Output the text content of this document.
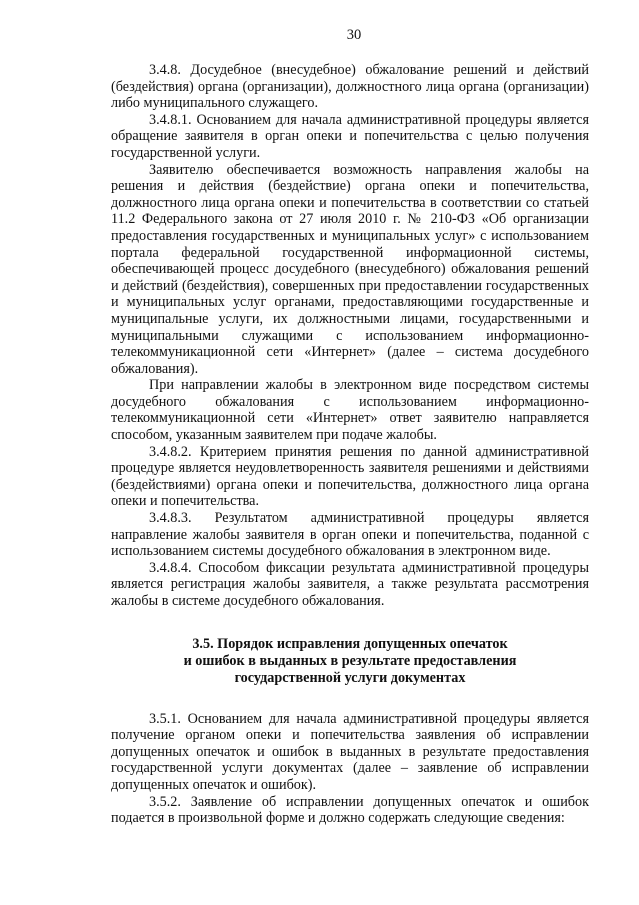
30

3.4.8. Досудебное (внесудебное) обжалование решений и действий (бездействия) органа (организации), должностного лица органа (организации) либо муниципального служащего.

3.4.8.1. Основанием для начала административной процедуры является обращение заявителя в орган опеки и попечительства с целью получения государственной услуги.

Заявителю обеспечивается возможность направления жалобы на решения и действия (бездействие) органа опеки и попечительства, должностного лица органа опеки и попечительства в соответствии со статьей 11.2 Федерального закона от 27 июля 2010 г. № 210-ФЗ «Об организации предоставления государственных и муниципальных услуг» с использованием портала федеральной государственной информационной системы, обеспечивающей процесс досудебного (внесудебного) обжалования решений и действий (бездействия), совершенных при предоставлении государственных и муниципальных услуг органами, предоставляющими государственные и муниципальные услуги, их должностными лицами, государственными и муниципальными служащими с использованием информационно-телекоммуникационной сети «Интернет» (далее – система досудебного обжалования).

При направлении жалобы в электронном виде посредством системы досудебного обжалования с использованием информационно-телекоммуникационной сети «Интернет» ответ заявителю направляется способом, указанным заявителем при подаче жалобы.

3.4.8.2. Критерием принятия решения по данной административной процедуре является неудовлетворенность заявителя решениями и действиями (бездействиями) органа опеки и попечительства, должностного лица органа опеки и попечительства.

3.4.8.3. Результатом административной процедуры является направление жалобы заявителя в орган опеки и попечительства, поданной с использованием системы досудебного обжалования в электронном виде.

3.4.8.4. Способом фиксации результата административной процедуры является регистрация жалобы заявителя, а также результата рассмотрения жалобы в системе досудебного обжалования.

3.5. Порядок исправления допущенных опечаток
и ошибок в выданных в результате предоставления
государственной услуги документах

3.5.1. Основанием для начала административной процедуры является получение органом опеки и попечительства заявления об исправлении допущенных опечаток и ошибок в выданных в результате предоставления государственной услуги документах (далее – заявление об исправлении допущенных опечаток и ошибок).

3.5.2. Заявление об исправлении допущенных опечаток и ошибок подается в произвольной форме и должно содержать следующие сведения:
